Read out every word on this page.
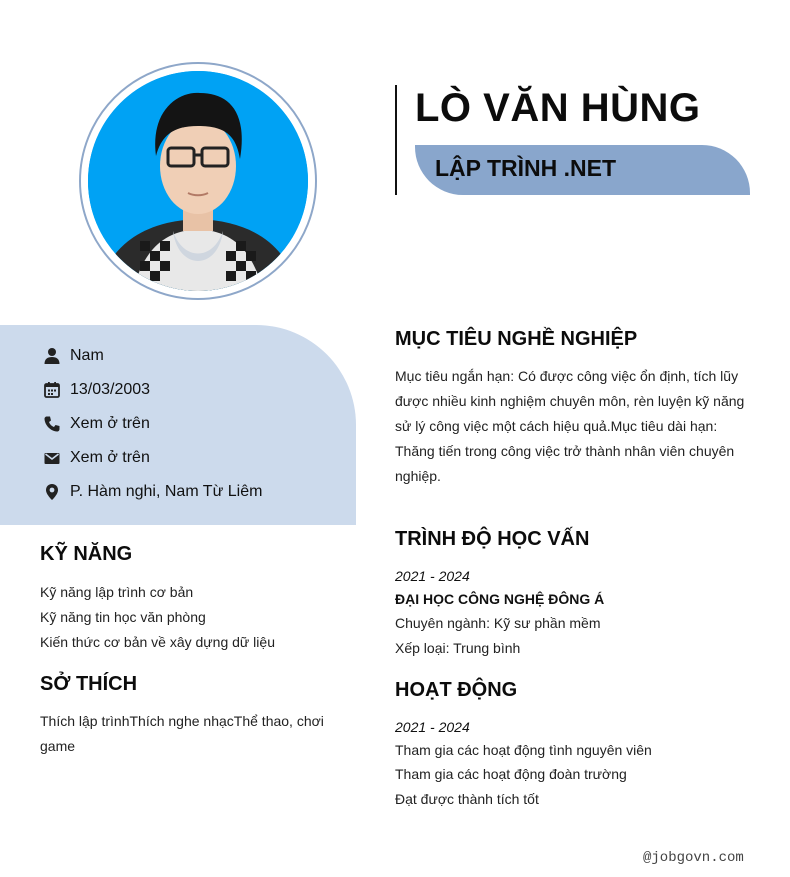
LÒ VĂN HÙNG
LẬP TRÌNH .NET
Nam
13/03/2003
Xem ở trên
Xem ở trên
P. Hàm nghi, Nam Từ Liêm
KỸ NĂNG
Kỹ năng lập trình cơ bản
Kỹ năng tin học văn phòng
Kiến thức cơ bản về xây dựng dữ liệu
SỞ THÍCH
Thích lập trìnhThích nghe nhạcThể thao, chơi game
MỤC TIÊU NGHỀ NGHIỆP
Mục tiêu ngắn hạn: Có được công việc ổn định, tích lũy được nhiều kinh nghiệm chuyên môn, rèn luyện kỹ năng sử lý công việc một cách hiệu quả.Mục tiêu dài hạn: Thăng tiến trong công việc trở thành nhân viên chuyên nghiệp.
TRÌNH ĐỘ HỌC VẤN
2021 - 2024
ĐẠI HỌC CÔNG NGHỆ ĐÔNG Á
Chuyên ngành: Kỹ sư phần mềm
Xếp loại: Trung bình
HOẠT ĐỘNG
2021 - 2024
Tham gia các hoạt động tình nguyên viên
Tham gia các hoạt động đoàn trường
Đạt được thành tích tốt
@jobgovn.com
